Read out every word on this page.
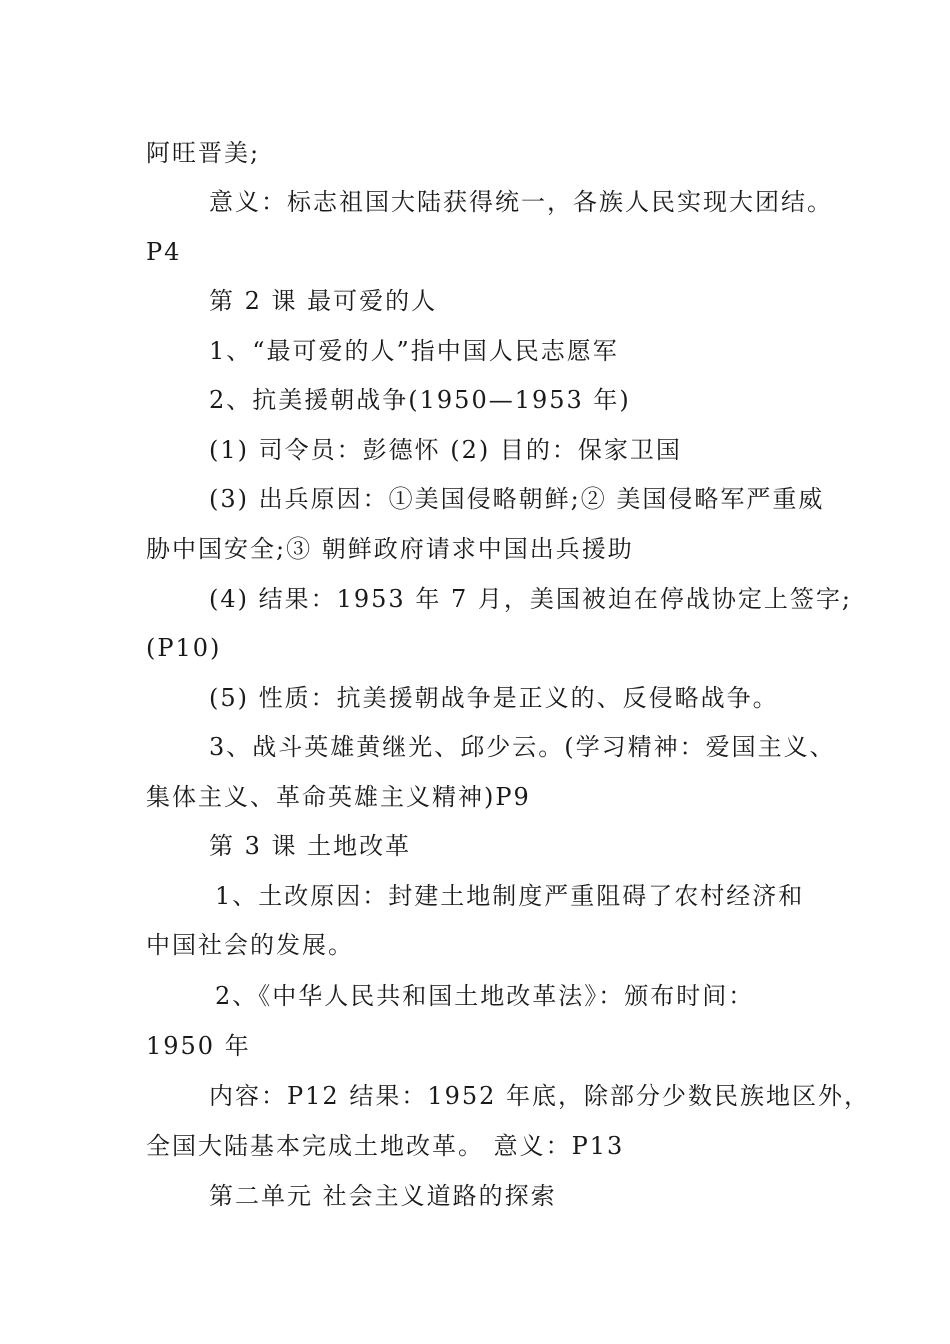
阿旺晋美;
意义：标志祖国大陆获得统一，各族人民实现大团结。
P4
第 2 课 最可爱的人
1、“最可爱的人”指中国人民志愿军
2、抗美援朝战争(1950—1953 年)
(1) 司令员：彭德怀 (2) 目的：保家卫国
(3) 出兵原因：①美国侵略朝鲜;② 美国侵略军严重威
胁中国安全;③ 朝鲜政府请求中国出兵援助
(4) 结果：1953 年 7 月，美国被迫在停战协定上签字;
(P10)
(5) 性质：抗美援朝战争是正义的、反侵略战争。
3、战斗英雄黄继光、邱少云。(学习精神：爱国主义、
集体主义、革命英雄主义精神)P9
第 3 课 土地改革
1、土改原因：封建土地制度严重阻碍了农村经济和
中国社会的发展。
2、《中华人民共和国土地改革法》：颁布时间：
1950 年
内容：P12 结果：1952 年底，除部分少数民族地区外，
全国大陆基本完成土地改革。 意义：P13
第二单元 社会主义道路的探索
